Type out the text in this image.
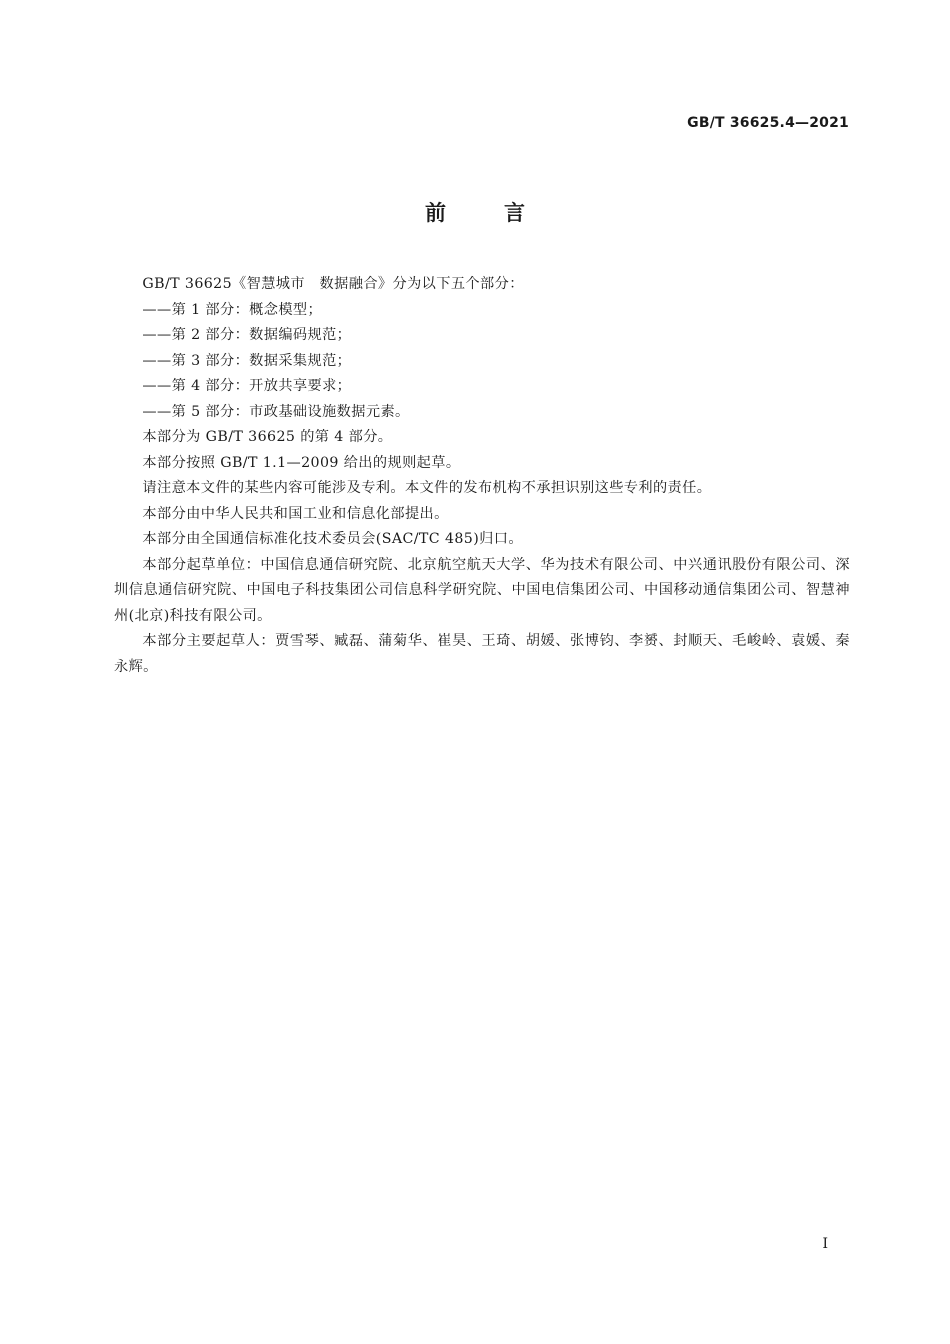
GB/T 36625.4—2021
前言

GB/T 36625《智慧城市　数据融合》分为以下五个部分：

——第 1 部分：概念模型；

——第 2 部分：数据编码规范；

——第 3 部分：数据采集规范；

——第 4 部分：开放共享要求；

——第 5 部分：市政基础设施数据元素。

本部分为 GB/T 36625 的第 4 部分。

本部分按照 GB/T 1.1—2009 给出的规则起草。

请注意本文件的某些内容可能涉及专利。本文件的发布机构不承担识别这些专利的责任。

本部分由中华人民共和国工业和信息化部提出。

本部分由全国通信标准化技术委员会(SAC/TC 485)归口。

本部分起草单位：中国信息通信研究院、北京航空航天大学、华为技术有限公司、中兴通讯股份有限公司、深圳信息通信研究院、中国电子科技集团公司信息科学研究院、中国电信集团公司、中国移动通信集团公司、智慧神州(北京)科技有限公司。

本部分主要起草人：贾雪琴、臧磊、蒲菊华、崔昊、王琦、胡媛、张博钧、李赟、封顺天、毛峻岭、袁媛、秦永辉。

I
